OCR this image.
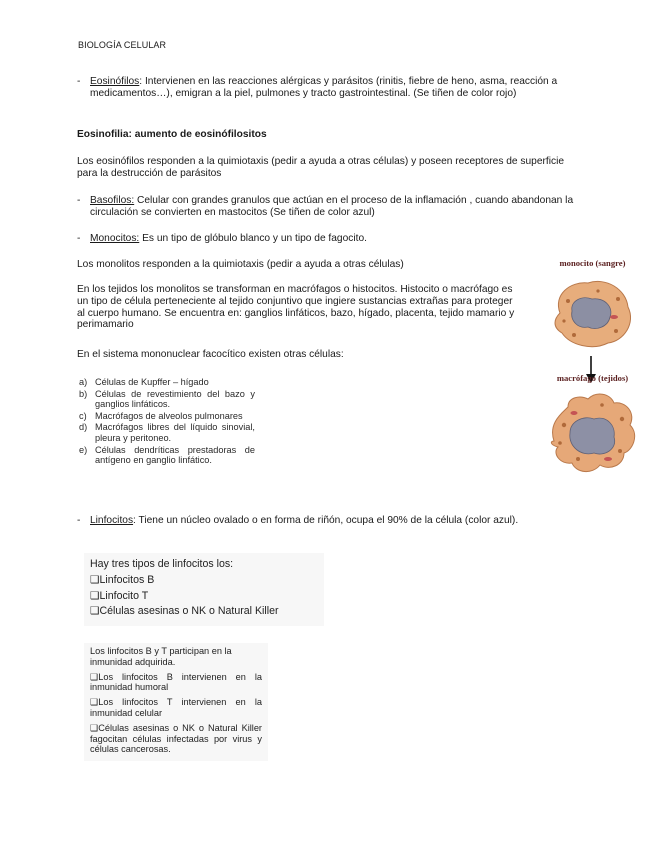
BIOLOGÍA CELULAR
- Eosinófilos: Intervienen en las reacciones alérgicas y parásitos (rinitis, fiebre de heno, asma, reacción a medicamentos…), emigran a la piel, pulmones y tracto gastrointestinal. (Se tiñen de color rojo)
Eosinofilia: aumento de eosinófilositos
Los eosinófilos responden a la quimiotaxis (pedir a ayuda a otras células) y poseen receptores de superficie para la destrucción de parásitos
- Basofilos: Celular con grandes granulos que actúan en el proceso de la inflamación , cuando abandonan la circulación se convierten en mastocitos (Se tiñen de color azul)
- Monocitos: Es un tipo de glóbulo blanco y un tipo de fagocito.
Los monolitos responden a la quimiotaxis (pedir a ayuda a otras células)
En los tejidos los monolitos se transforman en macrófagos o histocitos. Histocito o macrófago es un tipo de célula perteneciente al tejido conjuntivo que ingiere sustancias extrañas para proteger al cuerpo humano. Se encuentra en: ganglios linfáticos, bazo, hígado, placenta, tejido mamario y perimamario
En el sistema mononuclear facocítico existen otras células:
a) Células de Kupffer – hígado
b) Células de revestimiento del bazo y ganglios linfáticos.
c) Macrófagos de alveolos pulmonares
d) Macrófagos libres del líquido sinovial, pleura y peritoneo.
e) Células dendríticas prestadoras de antígeno en ganglio linfático.
monocito (sangre)
macrófago (tejidos)
- Linfocitos: Tiene un núcleo ovalado o en forma de riñón, ocupa el 90% de la célula (color azul).
Hay tres tipos de linfocitos los:
❑Linfocitos B
❑Linfocito T
❑Células asesinas o NK o Natural Killer
Los linfocitos B y T participan en la inmunidad adquirida.
❑Los linfocitos B intervienen en la inmunidad humoral
❑Los linfocitos T intervienen en la inmunidad celular
❑Células asesinas o NK o Natural Killer fagocitan células infectadas por virus y células cancerosas.
